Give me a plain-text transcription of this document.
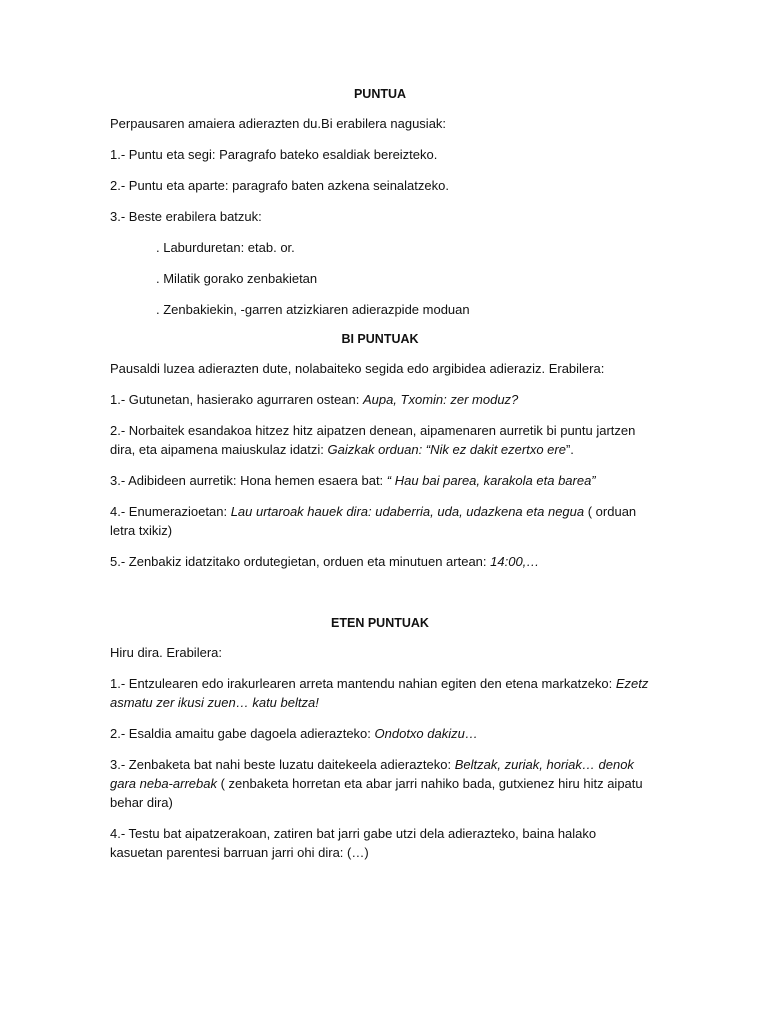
PUNTUA

Perpausaren amaiera adierazten du.Bi erabilera nagusiak:

1.- Puntu eta segi: Paragrafo bateko esaldiak bereizteko.

2.- Puntu eta aparte: paragrafo baten azkena seinalatzeko.

3.- Beste erabilera batzuk:

. Laburduretan: etab. or.

. Milatik gorako zenbakietan

. Zenbakiekin, -garren atzizkiaren adierazpide moduan

BI PUNTUAK

Pausaldi luzea adierazten dute, nolabaiteko segida edo argibidea adieraziz. Erabilera:

1.- Gutunetan, hasierako agurraren ostean: Aupa, Txomin: zer moduz?

2.- Norbaitek esandakoa hitzez hitz aipatzen denean, aipamenaren aurretik bi puntu jartzen dira, eta aipamena maiuskulaz idatzi: Gaizkak orduan: “Nik ez dakit ezertxo ere”.

3.- Adibideen aurretik: Hona hemen esaera bat: “ Hau bai parea, karakola eta barea”

4.- Enumerazioetan: Lau urtaroak hauek dira: udaberria, uda, udazkena eta negua ( orduan letra txikiz)

5.- Zenbakiz idatzitako ordutegietan, orduen eta minutuen artean: 14:00,…

ETEN PUNTUAK

Hiru dira. Erabilera:

1.- Entzulearen edo irakurlearen arreta mantendu nahian egiten den etena markatzeko: Ezetz asmatu zer ikusi zuen… katu beltza!

2.- Esaldia amaitu gabe dagoela adierazteko: Ondotxo dakizu…

3.- Zenbaketa bat nahi beste luzatu daitekeela adierazteko: Beltzak, zuriak, horiak… denok gara neba-arrebak ( zenbaketa horretan eta abar jarri nahiko bada, gutxienez hiru hitz aipatu behar dira)

4.- Testu bat aipatzerakoan, zatiren bat jarri gabe utzi dela adierazteko, baina halako kasuetan parentesi barruan jarri ohi dira: (…)
